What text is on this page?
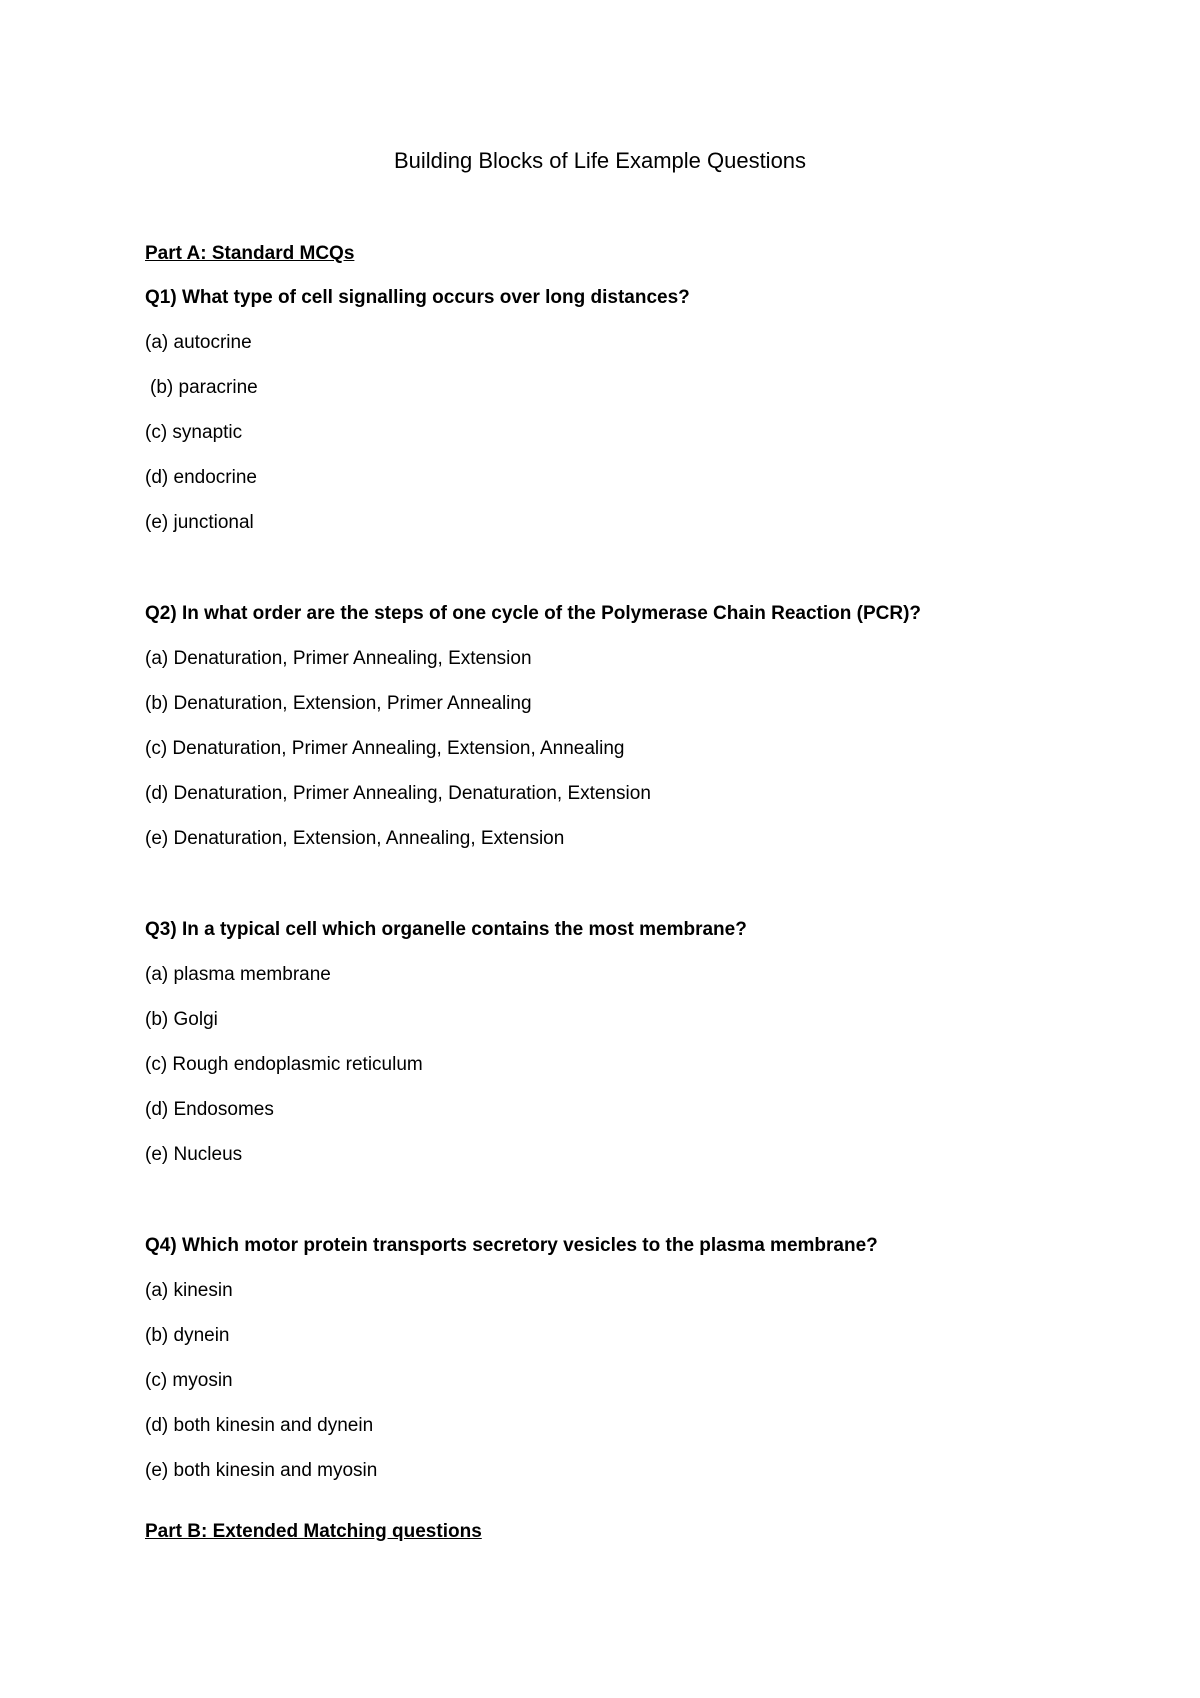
Building Blocks of Life Example Questions

Part A: Standard MCQs

Q1) What type of cell signalling occurs over long distances?

(a) autocrine

(b) paracrine

(c) synaptic

(d) endocrine

(e) junctional

Q2) In what order are the steps of one cycle of the Polymerase Chain Reaction (PCR)?

(a) Denaturation, Primer Annealing, Extension

(b) Denaturation, Extension, Primer Annealing

(c) Denaturation, Primer Annealing, Extension, Annealing

(d) Denaturation, Primer Annealing, Denaturation, Extension

(e) Denaturation, Extension, Annealing, Extension

Q3) In a typical cell which organelle contains the most membrane?

(a) plasma membrane

(b) Golgi

(c) Rough endoplasmic reticulum

(d) Endosomes

(e) Nucleus

Q4) Which motor protein transports secretory vesicles to the plasma membrane?

(a) kinesin

(b) dynein

(c) myosin

(d) both kinesin and dynein

(e) both kinesin and myosin

Part B: Extended Matching questions
